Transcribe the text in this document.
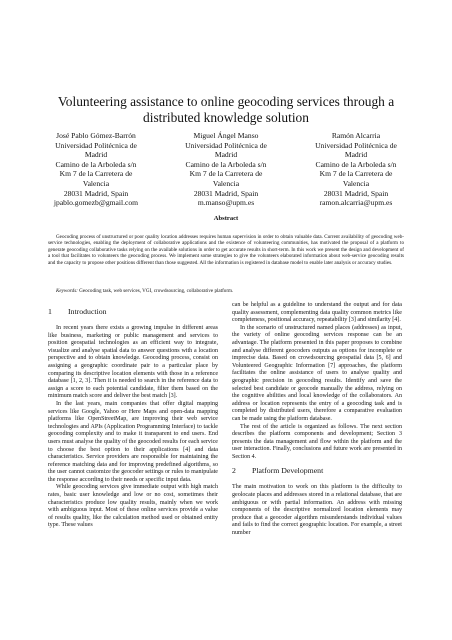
Volunteering assistance to online geocoding services through a distributed knowledge solution
José Pablo Gómez-Barrón
Universidad Politécnica de
Madrid
Camino de la Arboleda s/n
Km 7 de la Carretera de
Valencia
28031 Madrid, Spain
jpablo.gomezb@gmail.com
Miguel Ángel Manso
Universidad Politécnica de
Madrid
Camino de la Arboleda s/n
Km 7 de la Carretera de
Valencia
28031 Madrid, Spain
m.manso@upm.es
Ramón Alcarria
Universidad Politécnica de
Madrid
Camino de la Arboleda s/n
Km 7 de la Carretera de
Valencia
28031 Madrid, Spain
ramon.alcarria@upm.es
Abstract
Geocoding process of unstructured or poor quality location addresses requires human supervision in order to obtain valuable data. Current availability of geocoding web-service technologies, enabling the deployment of collaborative applications and the existence of volunteering communities, has motivated the proposal of a platform to generate geocoding collaborative tasks relying on the available solutions in order to get accurate results in short-term. In this work we present the design and development of a tool that facilitates to volunteers the geocoding process. We implement some strategies to give the volunteers elaborated information about web-service geocoding results and the capacity to propose other positions different than those suggested. All the information is registered in database model to enable later analysis or accuracy studies.
Keywords: Geocoding task, web services, VGI, crowdsourcing, collaborative platform.
1	Introduction

In recent years there exists a growing impulse in different areas like business, marketing or public management and services to position geospatial technologies as an efficient way to integrate, visualize and analyse spatial data to answer questions with a location perspective and to obtain knowledge. Geocoding process, consist on assigning a geographic coordinate pair to a particular place by comparing its descriptive location elements with those in a reference database [1, 2, 3]. Then it is needed to search in the reference data to assign a score to each potential candidate, filter them based on the minimum match score and deliver the best match [3].

In the last years, main companies that offer digital mapping services like Google, Yahoo or Here Maps and open-data mapping platforms like OpenStreetMap, are improving their web service technologies and APIs (Application Programming Interface) to tackle geocoding complexity and to make it transparent to end users. End users must analyse the quality of the geocoded results for each service to choose the best option to their applications [4] and data characteristics. Service providers are responsible for maintaining the reference matching data and for improving predefined algorithms, so the user cannot customize the geocoder settings or rules to manipulate the response according to their needs or specific input data.

While geocoding services give immediate output with high match rates, basic user knowledge and low or no cost, sometimes their characteristics produce low quality results, mainly when we work with ambiguous input. Most of these online services provide a value of results quality, like the calculation method used or obtained entity type. These values

can be helpful as a guideline to understand the output and for data quality assessment, complementing data quality common metrics like completeness, positional accuracy, repeatability [3] and similarity [4].

In the scenario of unstructured named places (addresses) as input, the variety of online geocoding services response can be an advantage. The platform presented in this paper proposes to combine and analyse different geocoders outputs as options for incomplete or imprecise data. Based on crowdsourcing geospatial data [5, 6] and Volunteered Geographic Information [7] approaches, the platform facilitates the online assistance of users to analyse quality and geographic precision in geocoding results. Identify and save the selected best candidate or geocode manually the address, relying on the cognitive abilities and local knowledge of the collaborators. An address or location represents the entry of a geocoding task and is completed by distributed users, therefore a comparative evaluation can be made using the platform database.

The rest of the article is organized as follows. The next section describes the platform components and development; Section 3 presents the data management and flow within the platform and the user interaction. Finally, conclusions and future work are presented in Section 4.

2	Platform Development

The main motivation to work on this platform is the difficulty to geolocate places and addresses stored in a relational database, that are ambiguous or with partial information. An address with missing components of the descriptive normalized location elements may produce that a geocoder algorithm misunderstands individual values and fails to find the correct geographic location. For example, a street number
